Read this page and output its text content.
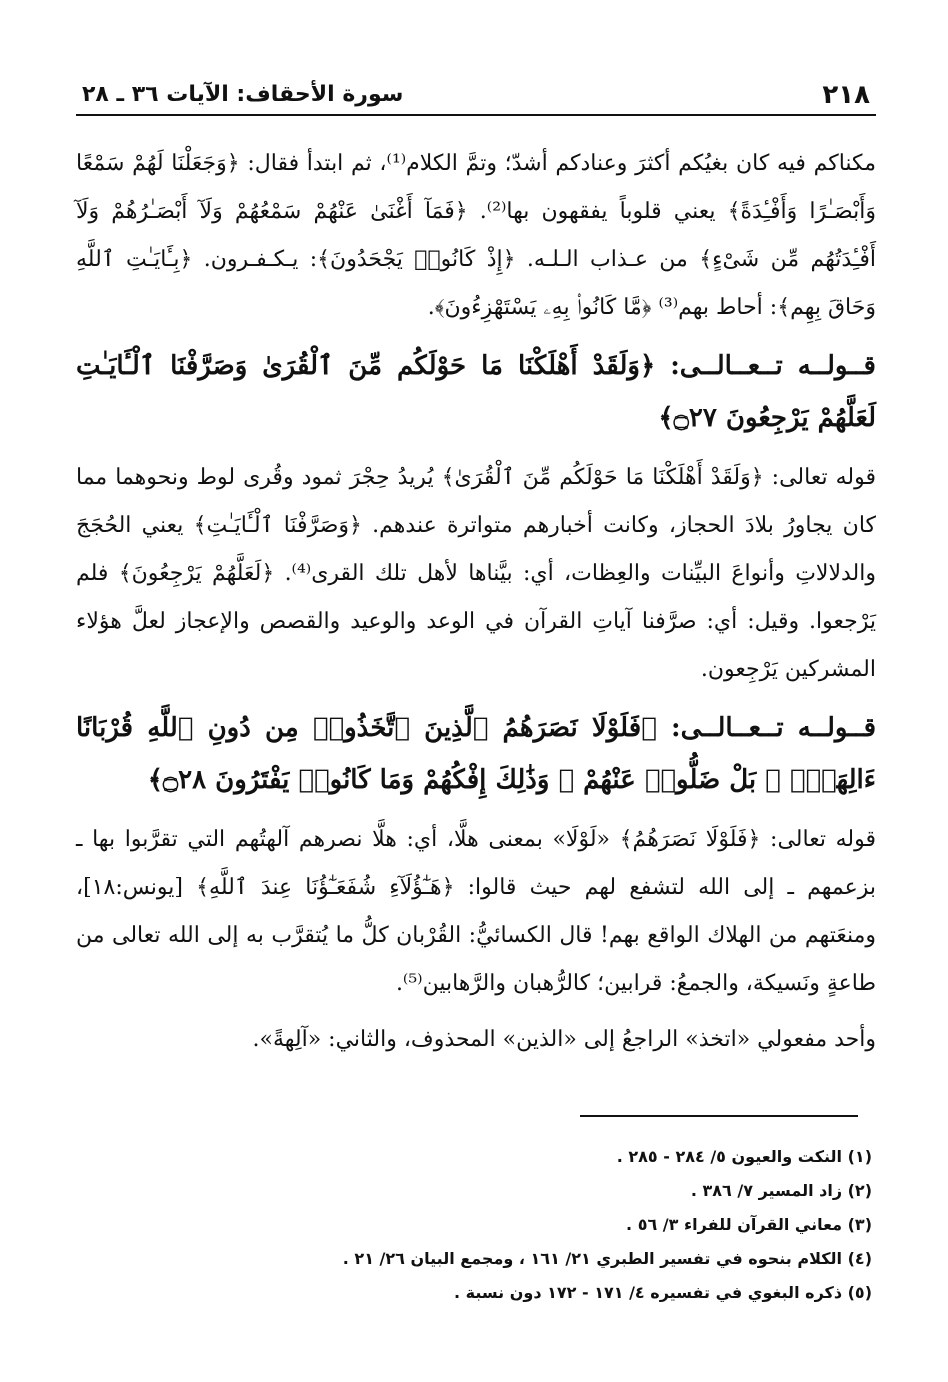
٢١٨
سورة الأحقاف: الآيات ٣٦ ـ ٢٨

مكناكم فيه كان بغيُكم أكثرَ وعنادكم أشدّ؛ وتمَّ الكلام⁽¹⁾، ثم ابتدأ فقال: ﴿وَجَعَلْنَا لَهُمْ سَمْعًا وَأَبْصَـٰرًا وَأَفْـِٔدَةً﴾ يعني قلوباً يفقهون بها⁽²⁾. ﴿فَمَآ أَغْنَىٰ عَنْهُمْ سَمْعُهُمْ وَلَآ أَبْصَـٰرُهُمْ وَلَآ أَفْـِٔدَتُهُم مِّن شَىْءٍ﴾ من عـذاب الـلـه. ﴿إِذْ كَانُوا۟ يَجْحَدُونَ﴾: يـكـفـرون. ﴿بِـَٔايَـٰتِ ٱللَّهِ وَحَاقَ بِهِم﴾: أحاط بهم⁽³⁾ ﴿مَّا كَانُوا۟ بِهِۦ يَسْتَهْزِءُونَ﴾.

قــولــه تــعــالــى: ﴿وَلَقَدْ أَهْلَكْنَا مَا حَوْلَكُم مِّنَ ٱلْقُرَىٰ وَصَرَّفْنَا ٱلْـَٔايَـٰتِ لَعَلَّهُمْ يَرْجِعُونَ ۝٢٧﴾

قوله تعالى: ﴿وَلَقَدْ أَهْلَكْنَا مَا حَوْلَكُم مِّنَ ٱلْقُرَىٰ﴾ يُريدُ حِجْرَ ثمود وقُرى لوط ونحوهما مما كان يجاورُ بلادَ الحجاز، وكانت أخبارهم متواترة عندهم. ﴿وَصَرَّفْنَا ٱلْـَٔايَـٰتِ﴾ يعني الحُجَجَ والدلالاتِ وأنواعَ البيِّنات والعِظات، أي: بيَّناها لأهل تلك القرى⁽⁴⁾. ﴿لَعَلَّهُمْ يَرْجِعُونَ﴾ فلم يَرْجعوا. وقيل: أي: صرَّفنا آياتِ القرآن في الوعد والوعيد والقصص والإعجاز لعلَّ هؤلاء المشركين يَرْجِعون.

قــولــه تــعــالــى: ﴿فَلَوْلَا نَصَرَهُمُ ٱلَّذِينَ ٱتَّخَذُوا۟ مِن دُونِ ٱللَّهِ قُرْبَانًا ءَالِهَةًۢ ۖ بَلْ ضَلُّوا۟ عَنْهُمْ ۚ وَذَٰلِكَ إِفْكُهُمْ وَمَا كَانُوا۟ يَفْتَرُونَ ۝٢٨﴾

قوله تعالى: ﴿فَلَوْلَا نَصَرَهُمُ﴾ «لَوْلَا» بمعنى هلَّا، أي: هلَّا نصرهم آلهتُهم التي تقرَّبوا بها ـ بزعمهم ـ إلى الله لتشفع لهم حيث قالوا: ﴿هَـٰٓؤُلَآءِ شُفَعَـٰٓؤُنَا عِندَ ٱللَّهِ﴾ [يونس:١٨]، ومنعَتهم من الهلاك الواقع بهم! قال الكسائيُّ: القُرْبان كلُّ ما يُتقرَّب به إلى الله تعالى من طاعةٍ ونَسيكة، والجمعُ: قرابين؛ كالرُّهبان والرَّهابين⁽⁵⁾.

وأحد مفعولي «اتخذ» الراجعُ إلى «الذين» المحذوف، والثاني: «آلِهةً».

(١) النكت والعيون ٥/ ٢٨٤ - ٢٨٥ .
(٢) زاد المسير ٧/ ٣٨٦ .
(٣) معاني القرآن للفراء ٣/ ٥٦ .
(٤) الكلام بنحوه في تفسير الطبري ٢١/ ١٦١ ، ومجمع البيان ٢٦/ ٢١ .
(٥) ذكره البغوي في تفسيره ٤/ ١٧١ - ١٧٢ دون نسبة .
